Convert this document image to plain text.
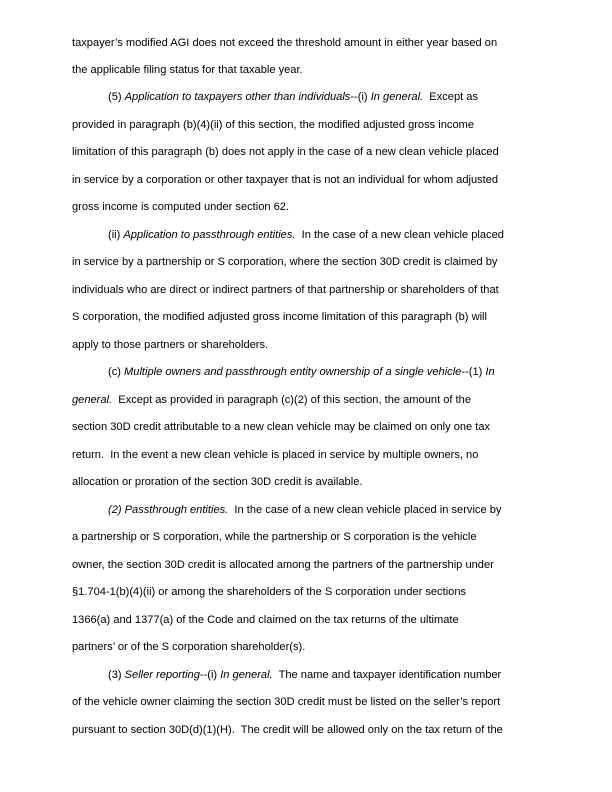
taxpayer’s modified AGI does not exceed the threshold amount in either year based on
the applicable filing status for that taxable year.
(5) Application to taxpayers other than individuals--(i) In general.  Except as
provided in paragraph (b)(4)(ii) of this section, the modified adjusted gross income
limitation of this paragraph (b) does not apply in the case of a new clean vehicle placed
in service by a corporation or other taxpayer that is not an individual for whom adjusted
gross income is computed under section 62.
(ii) Application to passthrough entities.  In the case of a new clean vehicle placed
in service by a partnership or S corporation, where the section 30D credit is claimed by
individuals who are direct or indirect partners of that partnership or shareholders of that
S corporation, the modified adjusted gross income limitation of this paragraph (b) will
apply to those partners or shareholders.
(c) Multiple owners and passthrough entity ownership of a single vehicle--(1) In
general.  Except as provided in paragraph (c)(2) of this section, the amount of the
section 30D credit attributable to a new clean vehicle may be claimed on only one tax
return.  In the event a new clean vehicle is placed in service by multiple owners, no
allocation or proration of the section 30D credit is available.
(2) Passthrough entities.  In the case of a new clean vehicle placed in service by
a partnership or S corporation, while the partnership or S corporation is the vehicle
owner, the section 30D credit is allocated among the partners of the partnership under
§1.704-1(b)(4)(ii) or among the shareholders of the S corporation under sections
1366(a) and 1377(a) of the Code and claimed on the tax returns of the ultimate
partners’ or of the S corporation shareholder(s).
(3) Seller reporting--(i) In general.  The name and taxpayer identification number
of the vehicle owner claiming the section 30D credit must be listed on the seller’s report
pursuant to section 30D(d)(1)(H).  The credit will be allowed only on the tax return of the
